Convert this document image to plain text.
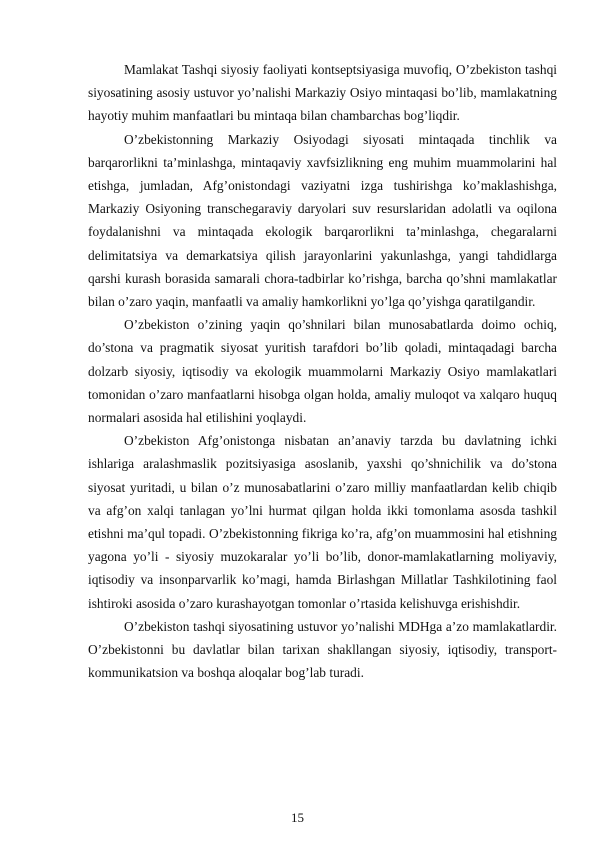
Mamlakat Tashqi siyosiy faoliyati kontseptsiyasiga muvofiq, O’zbekiston tashqi siyosatining asosiy ustuvor yo’nalishi Markaziy Osiyo mintaqasi bo’lib, mamlakatning hayotiy muhim manfaatlari bu mintaqa bilan chambarchas bog’liqdir.

O’zbekistonning Markaziy Osiyodagi siyosati mintaqada tinchlik va barqarorlikni ta’minlashga, mintaqaviy xavfsizlikning eng muhim muammolarini hal etishga, jumladan, Afg’onistondagi vaziyatni izga tushirishga ko’maklashishga, Markaziy Osiyoning transchegaraviy daryolari suv resurslaridan adolatli va oqilona foydalanishni va mintaqada ekologik barqarorlikni ta’minlashga, chegaralarni delimitatsiya va demarkatsiya qilish jarayonlarini yakunlashga, yangi tahdidlarga qarshi kurash borasida samarali chora-tadbirlar ko’rishga, barcha qo’shni mamlakatlar bilan o’zaro yaqin, manfaatli va amaliy hamkorlikni yo’lga qo’yishga qaratilgandir.

O’zbekiston o’zining yaqin qo’shnilari bilan munosabatlarda doimo ochiq, do’stona va pragmatik siyosat yuritish tarafdori bo’lib qoladi, mintaqadagi barcha dolzarb siyosiy, iqtisodiy va ekologik muammolarni Markaziy Osiyo mamlakatlari tomonidan o’zaro manfaatlarni hisobga olgan holda, amaliy muloqot va xalqaro huquq normalari asosida hal etilishini yoqlaydi.

O’zbekiston Afg’onistonga nisbatan an’anaviy tarzda bu davlatning ichki ishlariga aralashmaslik pozitsiyasiga asoslanib, yaxshi qo’shnichilik va do’stona siyosat yuritadi, u bilan o’z munosabatlarini o’zaro milliy manfaatlardan kelib chiqib va afg’on xalqi tanlagan yo’lni hurmat qilgan holda ikki tomonlama asosda tashkil etishni ma’qul topadi. O’zbekistonning fikriga ko’ra, afg’on muammosini hal etishning yagona yo’li - siyosiy muzokaralar yo’li bo’lib, donor-mamlakatlarning moliyaviy, iqtisodiy va insonparvarlik ko’magi, hamda Birlashgan Millatlar Tashkilotining faol ishtiroki asosida o’zaro kurashayotgan tomonlar o’rtasida kelishuvga erishishdir.

O’zbekiston tashqi siyosatining ustuvor yo’nalishi MDHga a’zo mamlakatlardir. O’zbekistonni bu davlatlar bilan tarixan shakllangan siyosiy, iqtisodiy, transport-kommunikatsion va boshqa aloqalar bog’lab turadi.

15
